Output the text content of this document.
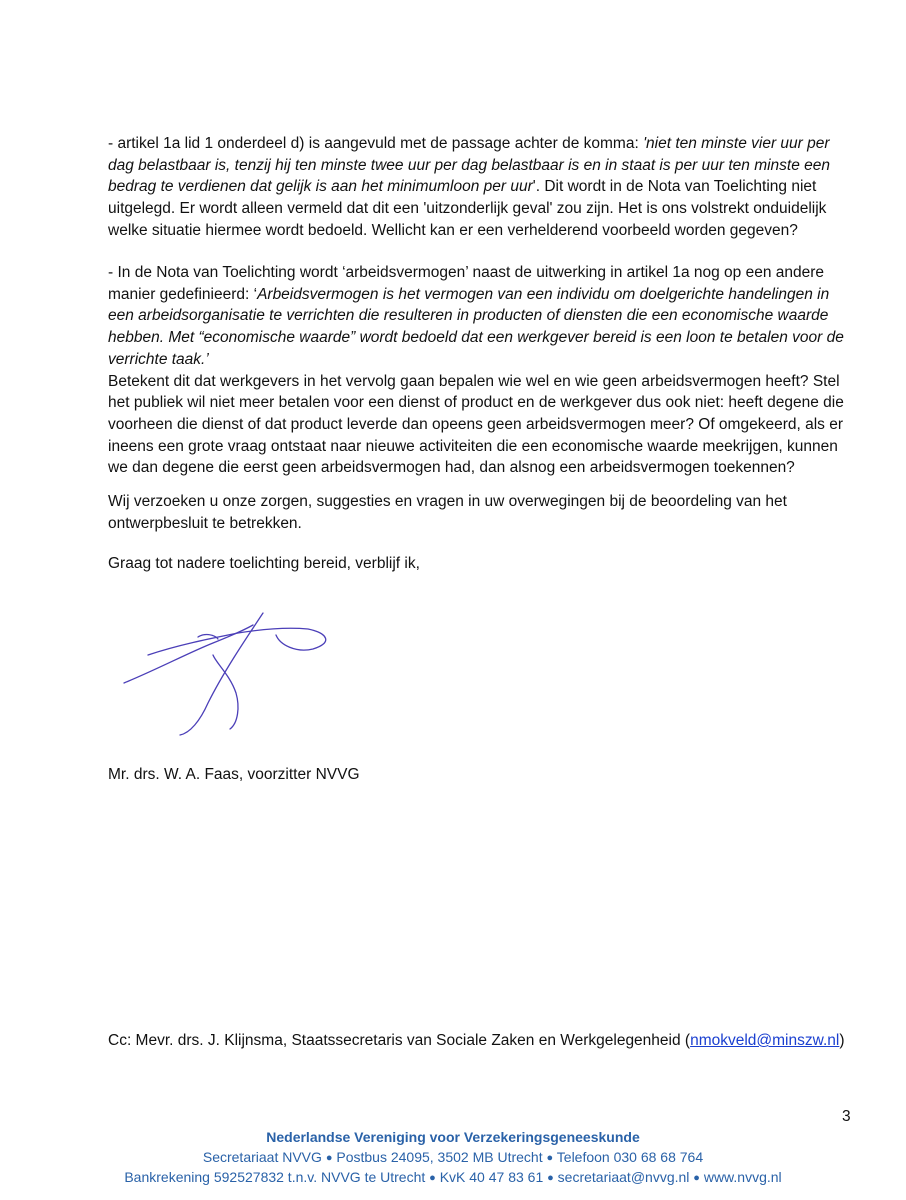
- artikel 1a lid 1 onderdeel d) is aangevuld met de passage achter de komma: 'niet ten minste vier uur per dag belastbaar is, tenzij hij ten minste twee uur per dag belastbaar is en in staat is per uur ten minste een bedrag te verdienen dat gelijk is aan het minimumloon per uur'. Dit wordt in de Nota van Toelichting niet uitgelegd. Er wordt alleen vermeld dat dit een 'uitzonderlijk geval' zou zijn. Het is ons volstrekt onduidelijk welke situatie hiermee wordt bedoeld. Wellicht kan er een verhelderend voorbeeld worden gegeven?

- In de Nota van Toelichting wordt ‘arbeidsvermogen’ naast de uitwerking in artikel 1a nog op een andere manier gedefinieerd: ‘Arbeidsvermogen is het vermogen van een individu om doelgerichte handelingen in een arbeidsorganisatie te verrichten die resulteren in producten of diensten die een economische waarde hebben. Met “economische waarde” wordt bedoeld dat een werkgever bereid is een loon te betalen voor de verrichte taak.’

Betekent dit dat werkgevers in het vervolg gaan bepalen wie wel en wie geen arbeidsvermogen heeft? Stel het publiek wil niet meer betalen voor een dienst of product en de werkgever dus ook niet: heeft degene die voorheen die dienst of dat product leverde dan opeens geen arbeidsvermogen meer? Of omgekeerd, als er ineens een grote vraag ontstaat naar nieuwe activiteiten die een economische waarde meekrijgen, kunnen we dan degene die eerst geen arbeidsvermogen had, dan alsnog een arbeidsvermogen toekennen?

Wij verzoeken u onze zorgen, suggesties en vragen in uw overwegingen bij de beoordeling van het ontwerpbesluit te betrekken.

Graag tot nadere toelichting bereid, verblijf ik,

Mr. drs. W. A. Faas, voorzitter NVVG

Cc: Mevr. drs. J. Klijnsma, Staatssecretaris van Sociale Zaken en Werkgelegenheid (nmokveld@minszw.nl)

3
Nederlandse Vereniging voor Verzekeringsgeneeskunde
Secretariaat NVVG ● Postbus 24095, 3502 MB Utrecht ● Telefoon 030 68 68 764
Bankrekening 592527832 t.n.v. NVVG te Utrecht ● KvK 40 47 83 61 ● secretariaat@nvvg.nl ● www.nvvg.nl
